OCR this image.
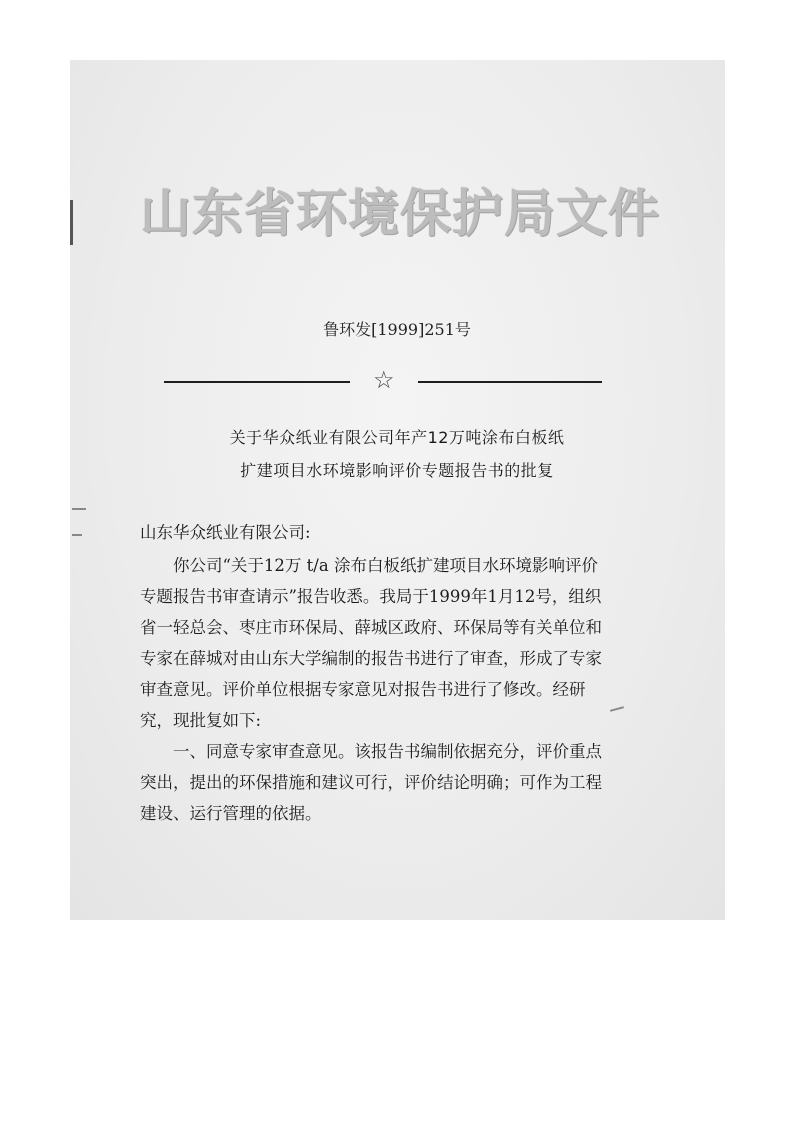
山东省环境保护局文件
鲁环发[1999]251号
☆
关于华众纸业有限公司年产12万吨涂布白板纸
扩建项目水环境影响评价专题报告书的批复

山东华众纸业有限公司:

你公司“关于12万 t/a 涂布白板纸扩建项目水环境影响评价专题报告书审查请示”报告收悉。我局于1999年1月12号，组织省一轻总会、枣庄市环保局、薛城区政府、环保局等有关单位和专家在薛城对由山东大学编制的报告书进行了审查，形成了专家审查意见。评价单位根据专家意见对报告书进行了修改。经研究，现批复如下:

一、同意专家审查意见。该报告书编制依据充分，评价重点突出，提出的环保措施和建议可行，评价结论明确；可作为工程建设、运行管理的依据。
